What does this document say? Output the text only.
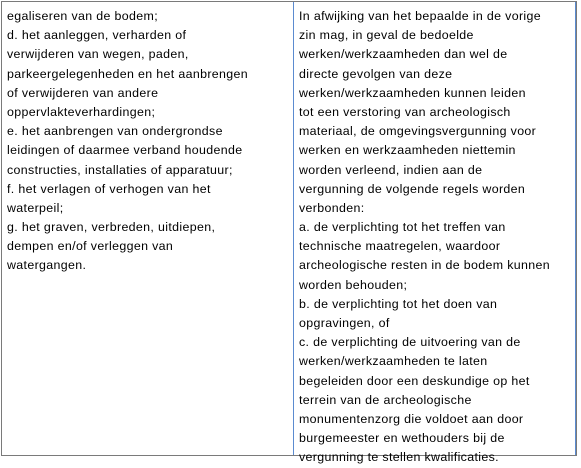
egaliseren van de bodem;
d. het aanleggen, verharden of
verwijderen van wegen, paden,
parkeergelegenheden en het aanbrengen
of verwijderen van andere
oppervlakteverhardingen;
e. het aanbrengen van ondergrondse
leidingen of daarmee verband houdende
constructies, installaties of apparatuur;
f. het verlagen of verhogen van het
waterpeil;
g. het graven, verbreden, uitdiepen,
dempen en/of verleggen van
watergangen.
In afwijking van het bepaalde in de vorige
zin mag, in geval de bedoelde
werken/werkzaamheden dan wel de
directe gevolgen van deze
werken/werkzaamheden kunnen leiden
tot een verstoring van archeologisch
materiaal, de omgevingsvergunning voor
werken en werkzaamheden niettemin
worden verleend, indien aan de
vergunning de volgende regels worden
verbonden:
a. de verplichting tot het treffen van
technische maatregelen, waardoor
archeologische resten in de bodem kunnen
worden behouden;
b. de verplichting tot het doen van
opgravingen, of
c. de verplichting de uitvoering van de
werken/werkzaamheden te laten
begeleiden door een deskundige op het
terrein van de archeologische
monumentenzorg die voldoet aan door
burgemeester en wethouders bij de
vergunning te stellen kwalificaties.
